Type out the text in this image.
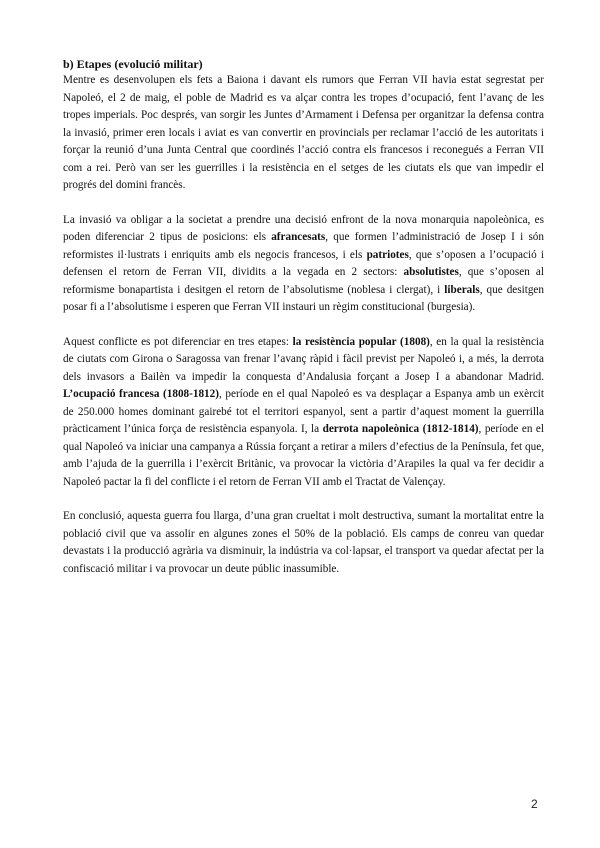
b) Etapes (evolució militar)

Mentre es desenvolupen els fets a Baiona i davant els rumors que Ferran VII havia estat segrestat per Napoleó, el 2 de maig, el poble de Madrid es va alçar contra les tropes d’ocupació, fent l’avanç de les tropes imperials. Poc després, van sorgir les Juntes d’Armament i Defensa per organitzar la defensa contra la invasió, primer eren locals i aviat es van convertir en provincials per reclamar l’acció de les autoritats i forçar la reunió d’una Junta Central que coordinés l’acció contra els francesos i reconegués a Ferran VII com a rei. Però van ser les guerrilles i la resistència en el setges de les ciutats els que van impedir el progrés del domini francès.

La invasió va obligar a la societat a prendre una decisió enfront de la nova monarquia napoleònica, es poden diferenciar 2 tipus de posicions: els afrancesats, que formen l’administració de Josep I i són reformistes il·lustrats i enriquits amb els negocis francesos, i els patriotes, que s’oposen a l’ocupació i defensen el retorn de Ferran VII, dividits a la vegada en 2 sectors: absolutistes, que s’oposen al reformisme bonapartista i desitgen el retorn de l’absolutisme (noblesa i clergat), i liberals, que desitgen posar fi a l’absolutisme i esperen que Ferran VII instauri un règim constitucional (burgesia).

Aquest conflicte es pot diferenciar en tres etapes: la resistència popular (1808), en la qual la resistència de ciutats com Girona o Saragossa van frenar l’avanç ràpid i fàcil previst per Napoleó i, a més, la derrota dels invasors a Bailèn va impedir la conquesta d’Andalusia forçant a Josep I a abandonar Madrid. L’ocupació francesa (1808-1812), període en el qual Napoleó es va desplaçar a Espanya amb un exèrcit de 250.000 homes dominant gairebé tot el territori espanyol, sent a partir d’aquest moment la guerrilla pràcticament l’única força de resistència espanyola. I, la derrota napoleònica (1812-1814), període en el qual Napoleó va iniciar una campanya a Rússia forçant a retirar a milers d’efectius de la Península, fet que, amb l’ajuda de la guerrilla i l’exèrcit Britànic, va provocar la victòria d’Arapiles la qual va fer decidir a Napoleó pactar la fi del conflicte i el retorn de Ferran VII amb el Tractat de Valençay.

En conclusió, aquesta guerra fou llarga, d’una gran crueltat i molt destructiva, sumant la mortalitat entre la població civil que va assolir en algunes zones el 50% de la població. Els camps de conreu van quedar devastats i la producció agrària va disminuir, la indústria va col·lapsar, el transport va quedar afectat per la confiscació militar i va provocar un deute públic inassumible.

2
